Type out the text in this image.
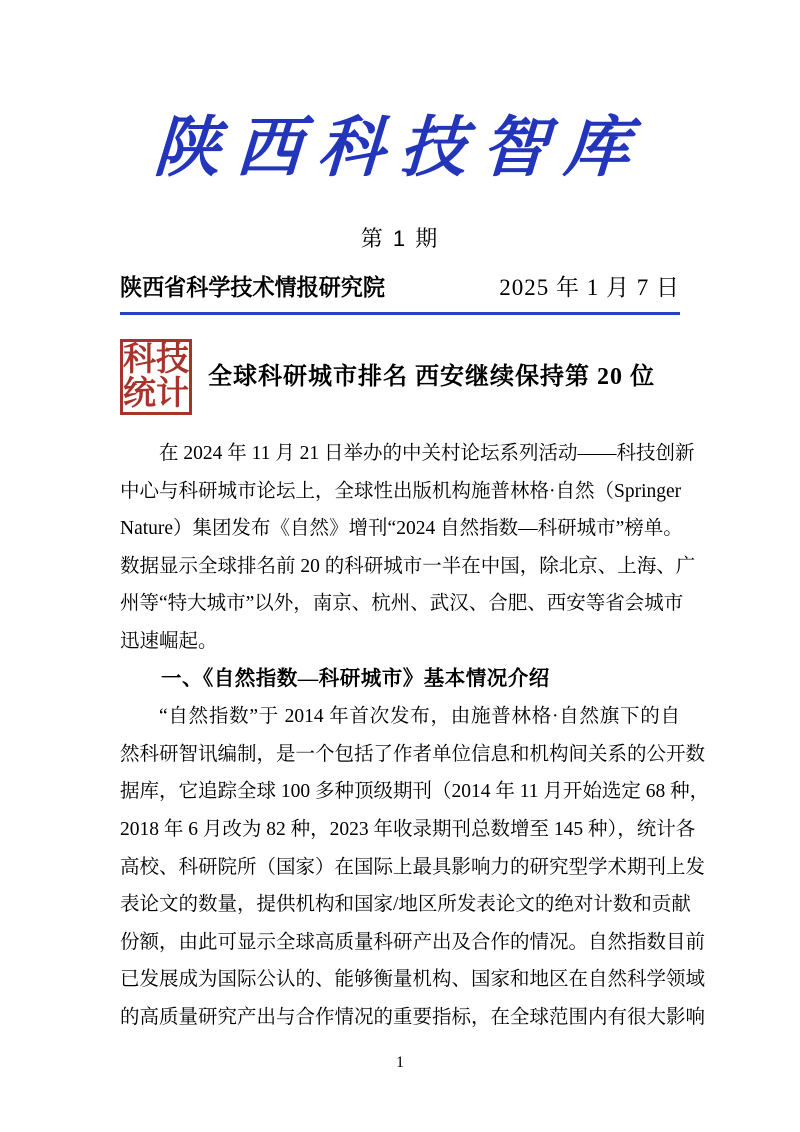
陕西科技智库
第 1 期
陕西省科学技术情报研究院	2025 年 1 月 7 日
科技
统计 全球科研城市排名 西安继续保持第 20 位
在 2024 年 11 月 21 日举办的中关村论坛系列活动——科技创新
中心与科研城市论坛上，全球性出版机构施普林格·自然（Springer
Nature）集团发布《自然》增刊“2024 自然指数—科研城市”榜单。
数据显示全球排名前 20 的科研城市一半在中国，除北京、上海、广
州等“特大城市”以外，南京、杭州、武汉、合肥、西安等省会城市
迅速崛起。
一、《自然指数—科研城市》基本情况介绍
“自然指数”于 2014 年首次发布，由施普林格·自然旗下的自
然科研智讯编制，是一个包括了作者单位信息和机构间关系的公开数
据库，它追踪全球 100 多种顶级期刊（2014 年 11 月开始选定 68 种，
2018 年 6 月改为 82 种，2023 年收录期刊总数增至 145 种），统计各
高校、科研院所（国家）在国际上最具影响力的研究型学术期刊上发
表论文的数量，提供机构和国家/地区所发表论文的绝对计数和贡献
份额，由此可显示全球高质量科研产出及合作的情况。自然指数目前
已发展成为国际公认的、能够衡量机构、国家和地区在自然科学领域
的高质量研究产出与合作情况的重要指标，在全球范围内有很大影响
1
